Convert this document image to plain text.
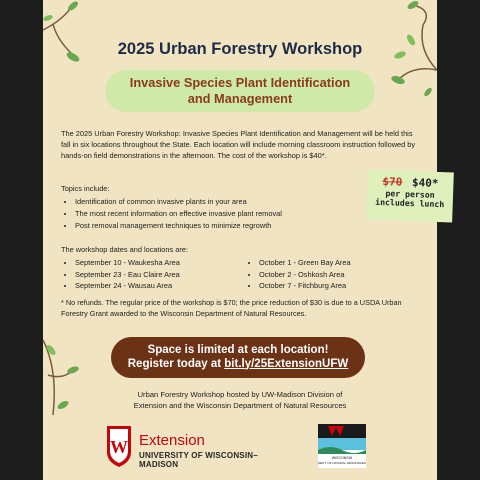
2025 Urban Forestry Workshop
Invasive Species Plant Identification
and Management
The 2025 Urban Forestry Workshop: Invasive Species Plant Identification and Management will be held this fall in six locations throughout the State. Each location will include morning classroom instruction followed by hands-on field demonstrations in the afternoon. The cost of the workshop is $40*.
$70 $40*
per person
includes lunch
Topics include:
• Identification of common invasive plants in your area
• The most recent information on effective invasive plant removal
• Post removal management techniques to minimize regrowth
The workshop dates and locations are:
• September 10 - Waukesha Area
• September 23 - Eau Claire Area
• September 24 - Wausau Area
• October 1 - Green Bay Area
• October 2 - Oshkosh Area
• October 7 - Fitchburg Area
* No refunds. The regular price of the workshop is $70; the price reduction of $30 is due to a USDA Urban Forestry Grant awarded to the Wisconsin Department of Natural Resources.
Space is limited at each location!
Register today at bit.ly/25ExtensionUFW
Urban Forestry Workshop hosted by UW-Madison Division of
Extension and the Wisconsin Department of Natural Resources
W Extension
UNIVERSITY OF WISCONSIN–MADISON
WISCONSIN
DEPT. OF NATURAL RESOURCES
